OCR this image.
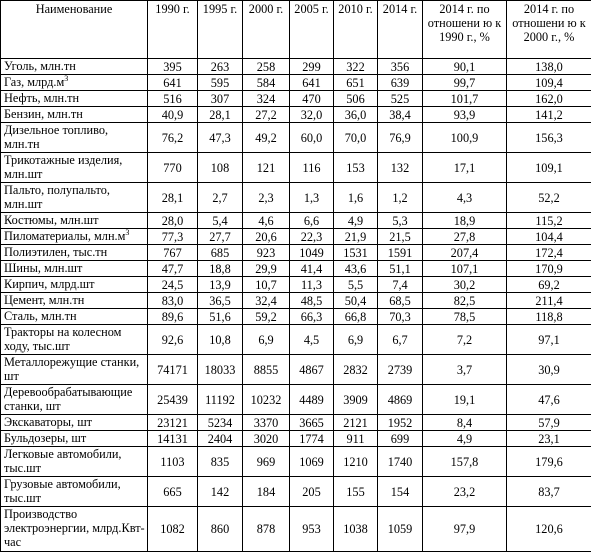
Наименование	1990 г.	1995 г.	2000 г.	2005 г.	2010 г.	2014 г.	2014 г. по отношени ю к 1990 г., %	2014 г. по отношени ю к 2000 г., %
Уголь, млн.тн	395	263	258	299	322	356	90,1	138,0
Газ, $млрд.м^3$	641	595	584	641	651	639	99,7	109,4
Нефть, млн.тн	516	307	324	470	506	525	101,7	162,0
Бензин, млн.тн	40,9	28,1	27,2	32,0	36,0	38,4	93,9	141,2
Дизельное топливо, млн.тн	76,2	47,3	49,2	60,0	70,0	76,9	100,9	156,3
Трикотажные изделия, млн.шт	770	108	121	116	153	132	17,1	109,1
Пальто, полупальто, млн.шт	28,1	2,7	2,3	1,3	1,6	1,2	4,3	52,2
Костюмы, млн.шт	28,0	5,4	4,6	6,6	4,9	5,3	18,9	115,2
Пиломатериалы, $млн.м^3$	77,3	27,7	20,6	22,3	21,9	21,5	27,8	104,4
Полиэтилен, тыс.тн	767	685	923	1049	1531	1591	207,4	172,4
Шины, млн.шт	47,7	18,8	29,9	41,4	43,6	51,1	107,1	170,9
Кирпич, млрд.шт	24,5	13,9	10,7	11,3	5,5	7,4	30,2	69,2
Цемент, млн.тн	83,0	36,5	32,4	48,5	50,4	68,5	82,5	211,4
Сталь, млн.тн	89,6	51,6	59,2	66,3	66,8	70,3	78,5	118,8
Тракторы на колесном ходу, тыс.шт	92,6	10,8	6,9	4,5	6,9	6,7	7,2	97,1
Металлорежущие станки, шт	74171	18033	8855	4867	2832	2739	3,7	30,9
Деревообрабатывающие станки, шт	25439	11192	10232	4489	3909	4869	19,1	47,6
Экскаваторы, шт	23121	5234	3370	3665	2121	1952	8,4	57,9
Бульдозеры, шт	14131	2404	3020	1774	911	699	4,9	23,1
Легковые автомобили, тыс.шт	1103	835	969	1069	1210	1740	157,8	179,6
Грузовые автомобили, тыс.шт	665	142	184	205	155	154	23,2	83,7
Производство электроэнергии, млрд.Квт-час	1082	860	878	953	1038	1059	97,9	120,6
